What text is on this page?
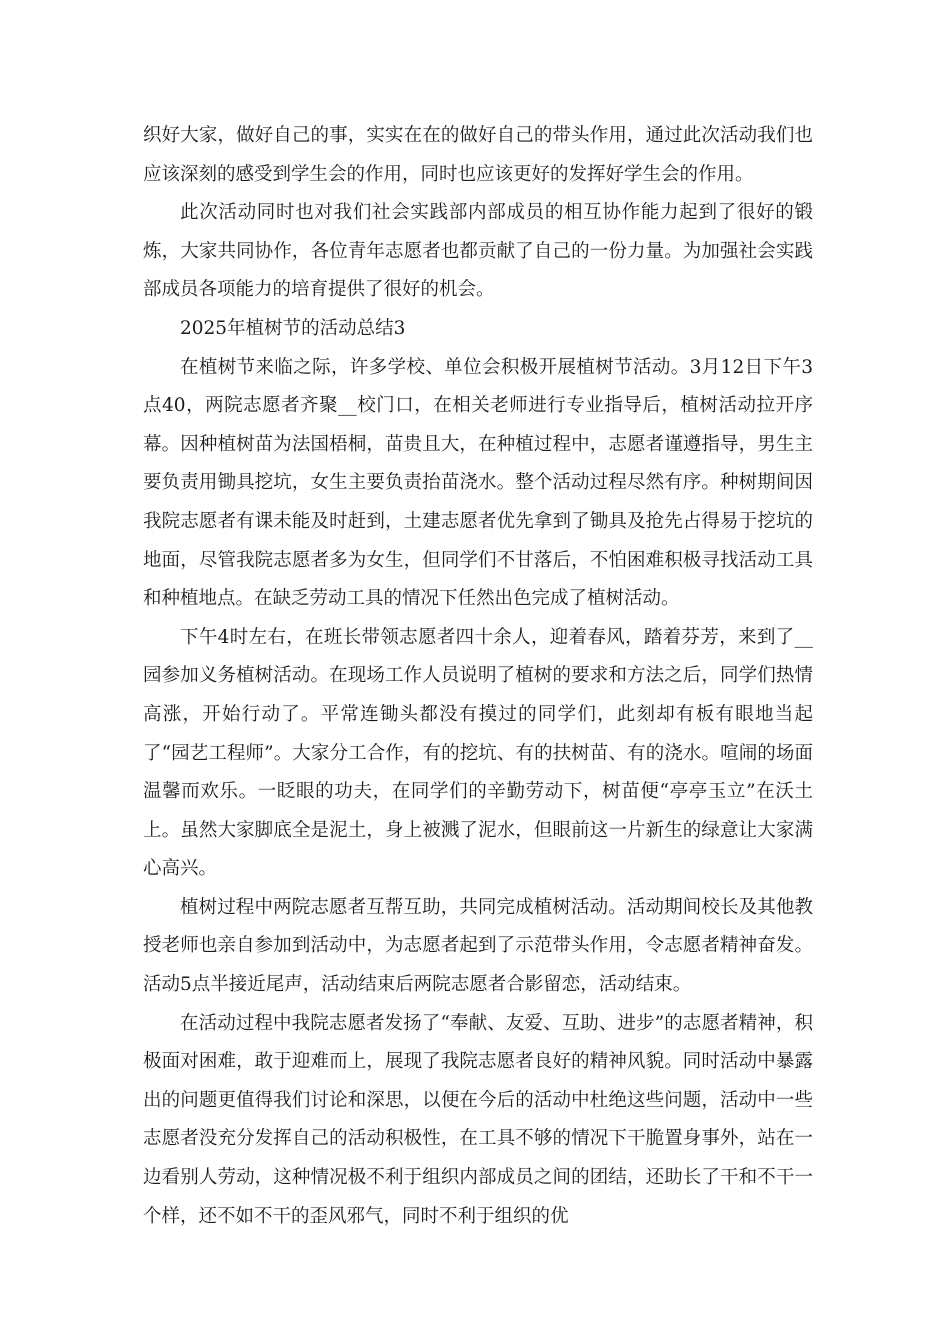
织好大家，做好自己的事，实实在在的做好自己的带头作用，通过此次活动我们也应该深刻的感受到学生会的作用，同时也应该更好的发挥好学生会的作用。

此次活动同时也对我们社会实践部内部成员的相互协作能力起到了很好的锻炼，大家共同协作，各位青年志愿者也都贡献了自己的一份力量。为加强社会实践部成员各项能力的培育提供了很好的机会。

2025年植树节的活动总结3

在植树节来临之际，许多学校、单位会积极开展植树节活动。3月12日下午3点40，两院志愿者齐聚__校门口，在相关老师进行专业指导后，植树活动拉开序幕。因种植树苗为法国梧桐，苗贵且大，在种植过程中，志愿者谨遵指导，男生主要负责用锄具挖坑，女生主要负责抬苗浇水。整个活动过程尽然有序。种树期间因我院志愿者有课未能及时赶到，土建志愿者优先拿到了锄具及抢先占得易于挖坑的地面，尽管我院志愿者多为女生，但同学们不甘落后，不怕困难积极寻找活动工具和种植地点。在缺乏劳动工具的情况下任然出色完成了植树活动。

下午4时左右，在班长带领志愿者四十余人，迎着春风，踏着芬芳，来到了__园参加义务植树活动。在现场工作人员说明了植树的要求和方法之后，同学们热情高涨，开始行动了。平常连锄头都没有摸过的同学们，此刻却有板有眼地当起了“园艺工程师”。大家分工合作，有的挖坑、有的扶树苗、有的浇水。喧闹的场面温馨而欢乐。一眨眼的功夫，在同学们的辛勤劳动下，树苗便“亭亭玉立”在沃土上。虽然大家脚底全是泥土，身上被溅了泥水，但眼前这一片新生的绿意让大家满心高兴。

植树过程中两院志愿者互帮互助，共同完成植树活动。活动期间校长及其他教授老师也亲自参加到活动中，为志愿者起到了示范带头作用，令志愿者精神奋发。活动5点半接近尾声，活动结束后两院志愿者合影留恋，活动结束。

在活动过程中我院志愿者发扬了“奉献、友爱、互助、进步”的志愿者精神，积极面对困难，敢于迎难而上，展现了我院志愿者良好的精神风貌。同时活动中暴露出的问题更值得我们讨论和深思，以便在今后的活动中杜绝这些问题，活动中一些志愿者没充分发挥自己的活动积极性，在工具不够的情况下干脆置身事外，站在一边看别人劳动，这种情况极不利于组织内部成员之间的团结，还助长了干和不干一个样，还不如不干的歪风邪气，同时不利于组织的优
